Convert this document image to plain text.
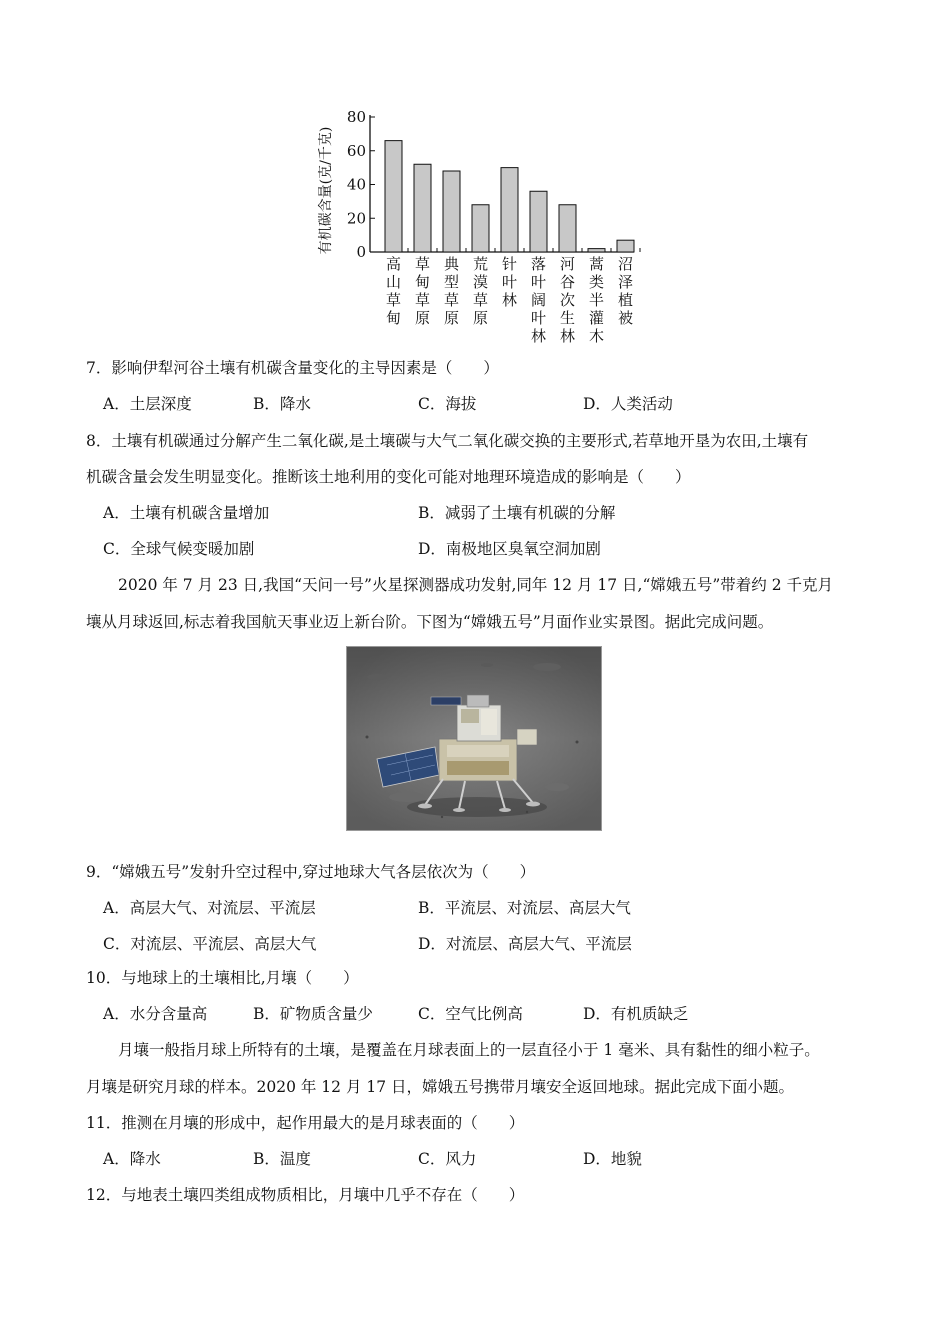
0
20
40
60
80
有机碳含量(克/千克)
高山草甸
草甸草原
典型草原
荒漠草原
针叶林
落叶阔叶林
河谷次生林
蒿类半灌木
沼泽植被
7．影响伊犁河谷土壤有机碳含量变化的主导因素是（　　）
A．土层深度	B．降水	C．海拔	D．人类活动
8．土壤有机碳通过分解产生二氧化碳,是土壤碳与大气二氧化碳交换的主要形式,若草地开垦为农田,土壤有
机碳含量会发生明显变化。推断该土地利用的变化可能对地理环境造成的影响是（　　）
A．土壤有机碳含量增加	B．减弱了土壤有机碳的分解
C．全球气候变暖加剧	D．南极地区臭氧空洞加剧
2020 年 7 月 23 日,我国“天问一号”火星探测器成功发射,同年 12 月 17 日,“嫦娥五号”带着约 2 千克月
壤从月球返回,标志着我国航天事业迈上新台阶。下图为“嫦娥五号”月面作业实景图。据此完成问题。
9．“嫦娥五号”发射升空过程中,穿过地球大气各层依次为（　　）
A．高层大气、对流层、平流层	B．平流层、对流层、高层大气
C．对流层、平流层、高层大气	D．对流层、高层大气、平流层
10．与地球上的土壤相比,月壤（　　）
A．水分含量高	B．矿物质含量少	C．空气比例高	D．有机质缺乏
月壤一般指月球上所特有的土壤，是覆盖在月球表面上的一层直径小于 1 毫米、具有黏性的细小粒子。
月壤是研究月球的样本。2020 年 12 月 17 日，嫦娥五号携带月壤安全返回地球。据此完成下面小题。
11．推测在月壤的形成中，起作用最大的是月球表面的（　　）
A．降水	B．温度	C．风力	D．地貌
12．与地表土壤四类组成物质相比，月壤中几乎不存在（　　）
